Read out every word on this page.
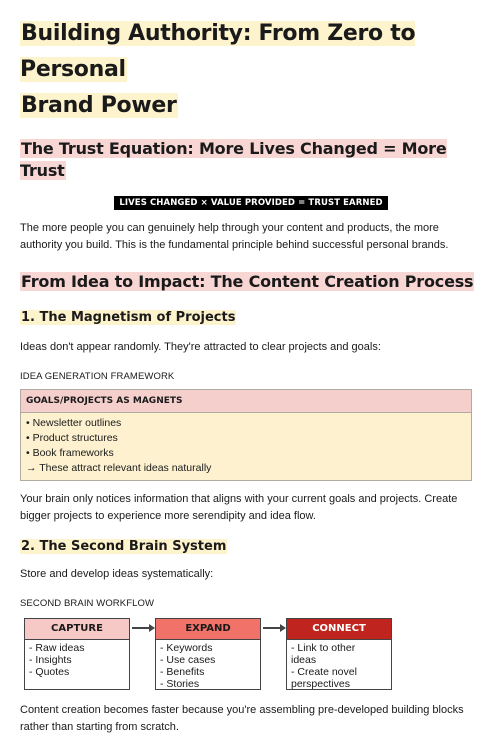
Building Authority: From Zero to Personal
Brand Power
The Trust Equation: More Lives Changed = More Trust
LIVES CHANGED × VALUE PROVIDED = TRUST EARNED

The more people you can genuinely help through your content and products, the more
authority you build. This is the fundamental principle behind successful personal brands.

From Idea to Impact: The Content Creation Process
1. The Magnetism of Projects

Ideas don't appear randomly. They're attracted to clear projects and goals:

IDEA GENERATION FRAMEWORK

GOALS/PROJECTS AS MAGNETS
• Newsletter outlines
• Product structures
• Book frameworks
→ These attract relevant ideas naturally

Your brain only notices information that aligns with your current goals and projects. Create
bigger projects to experience more serendipity and idea flow.

2. The Second Brain System

Store and develop ideas systematically:

SECOND BRAIN WORKFLOW

CAPTURE
- Raw ideas
- Insights
- Quotes
EXPAND
- Keywords
- Use cases
- Benefits
- Stories
CONNECT
- Link to other
ideas
- Create novel
perspectives

Content creation becomes faster because you're assembling pre-developed building blocks
rather than starting from scratch.
